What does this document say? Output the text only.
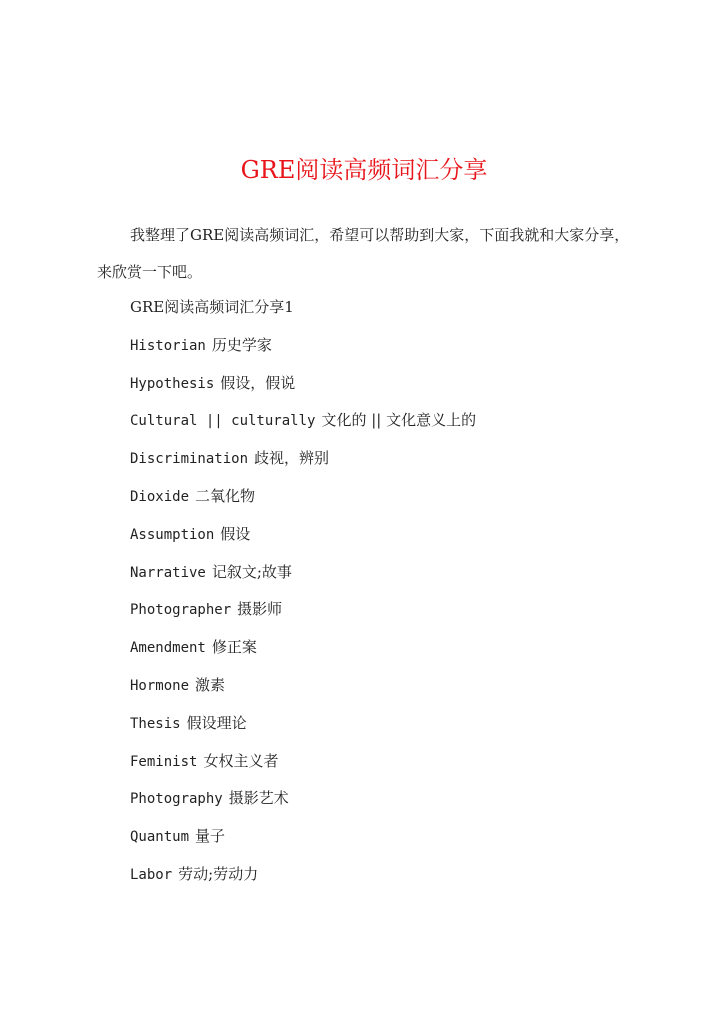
GRE阅读高频词汇分享

我整理了GRE阅读高频词汇，希望可以帮助到大家，下面我就和大家分享，来欣赏一下吧。

GRE阅读高频词汇分享1
Historian 历史学家
Hypothesis 假设，假说
Cultural || culturally 文化的 || 文化意义上的
Discrimination 歧视，辨别
Dioxide 二氧化物
Assumption 假设
Narrative 记叙文;故事
Photographer 摄影师
Amendment 修正案
Hormone 激素
Thesis 假设理论
Feminist 女权主义者
Photography 摄影艺术
Quantum 量子
Labor 劳动;劳动力
